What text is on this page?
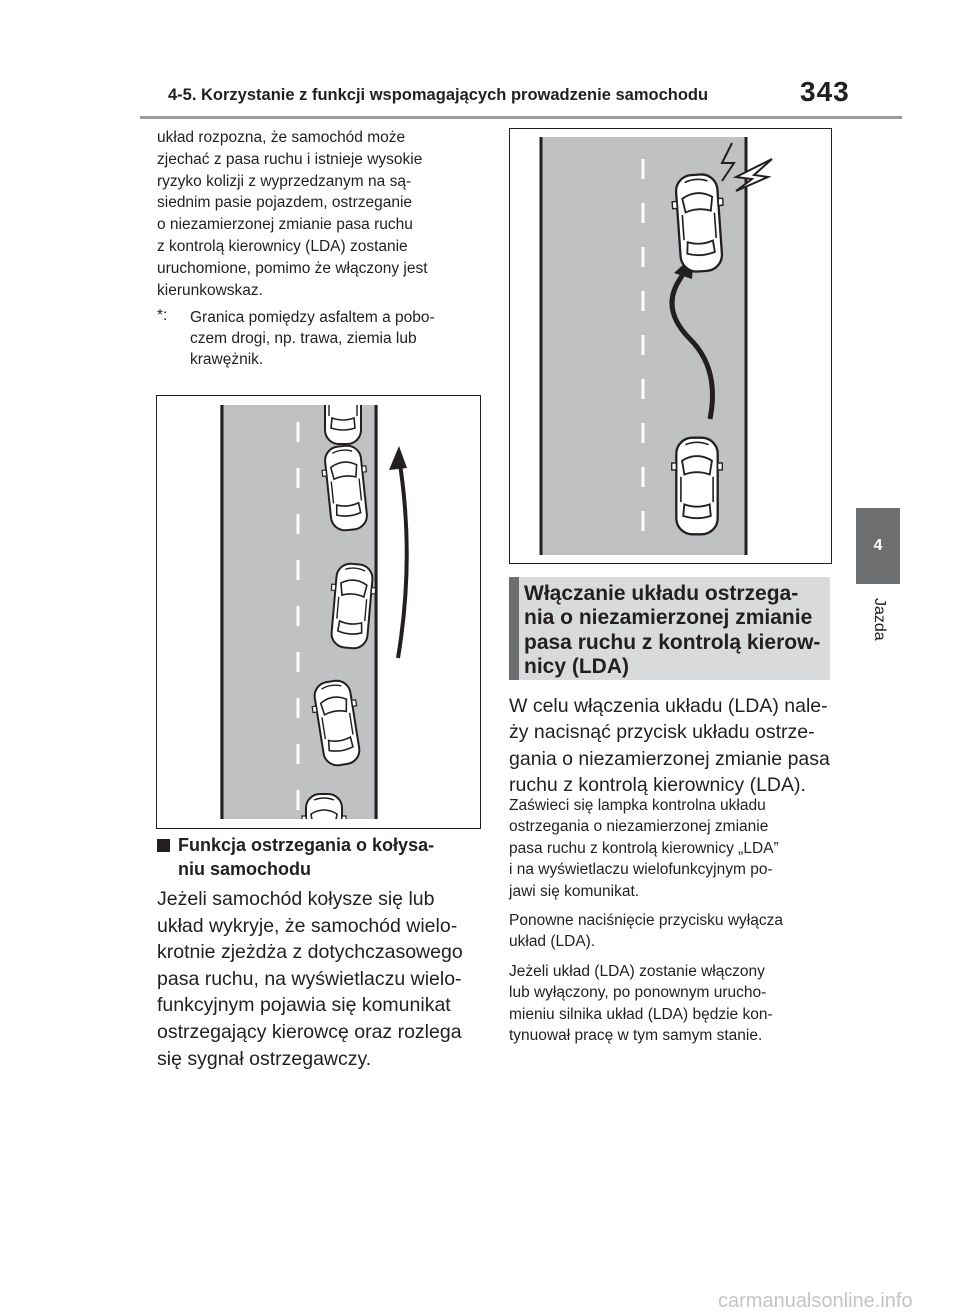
4-5. Korzystanie z funkcji wspomagających prowadzenie samochodu	343
4
Jazda

układ rozpozna, że samochód może

zjechać z pasa ruchu i istnieje wysokie

ryzyko kolizji z wyprzedzanym na są-

siednim pasie pojazdem, ostrzeganie

o niezamierzonej zmianie pasa ruchu

z kontrolą kierownicy (LDA) zostanie

uruchomione, pomimo że włączony jest

kierunkowskaz.

*: Granica pomiędzy asfaltem a pobo-
czem drogi, np. trawa, ziemia lub
krawężnik.
Funkcja ostrzegania o kołysa-
niu samochodu
Jeżeli samochód kołysze się lub
układ wykryje, że samochód wielo-
krotnie zjeżdża z dotychczasowego
pasa ruchu, na wyświetlaczu wielo-
funkcyjnym pojawia się komunikat
ostrzegający kierowcę oraz rozlega
się sygnał ostrzegawczy.
Włączanie układu ostrzega-
nia o niezamierzonej zmianie
pasa ruchu z kontrolą kierow-
nicy (LDA)
W celu włączenia układu (LDA) nale-
ży nacisnąć przycisk układu ostrze-
gania o niezamierzonej zmianie pasa
ruchu z kontrolą kierownicy (LDA).
Zaświeci się lampka kontrolna układu
ostrzegania o niezamierzonej zmianie
pasa ruchu z kontrolą kierownicy „LDA”
i na wyświetlaczu wielofunkcyjnym po-
jawi się komunikat.
Ponowne naciśnięcie przycisku wyłącza
układ (LDA).
Jeżeli układ (LDA) zostanie włączony
lub wyłączony, po ponownym urucho-
mieniu silnika układ (LDA) będzie kon-
tynuował pracę w tym samym stanie.
carmanualsonline.info
